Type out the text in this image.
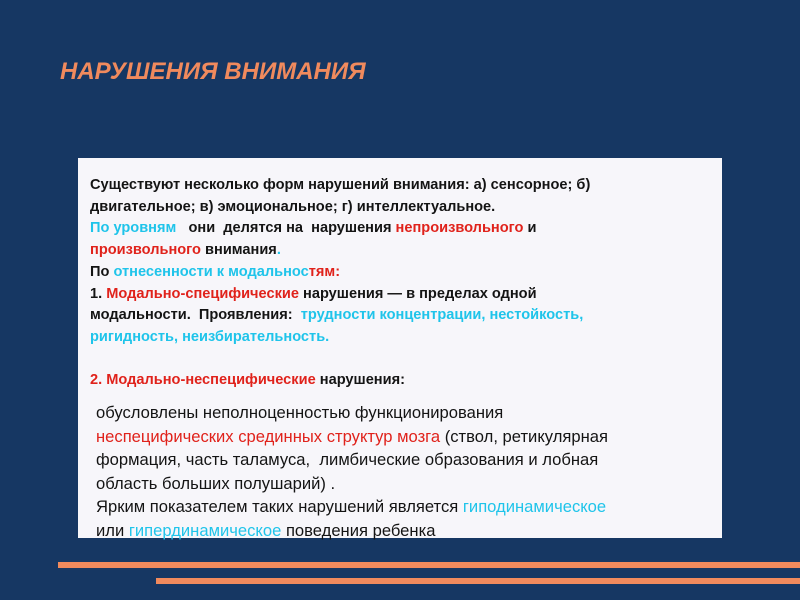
НАРУШЕНИЯ ВНИМАНИЯ
Существуют несколько форм нарушений внимания: а) сенсорное; б)
двигательное; в) эмоциональное; г) интеллектуальное.
По уровням   они  делятся на  нарушения непроизвольного и
произвольного внимания.
По отнесенности к модальностям:
1. Модально-специфические нарушения — в пределах одной
модальности.  Проявления:  трудности концентрации, нестойкость,
ригидность, неизбирательность.
2. Модально-неспецифические нарушения:
обусловлены неполноценностью функционирования
неспецифических срединных структур мозга (ствол, ретикулярная
формация, часть таламуса,  лимбические образования и лобная
область больших полушарий) .
Ярким показателем таких нарушений является гиподинамическое
или гипердинамическое поведения ребенка
